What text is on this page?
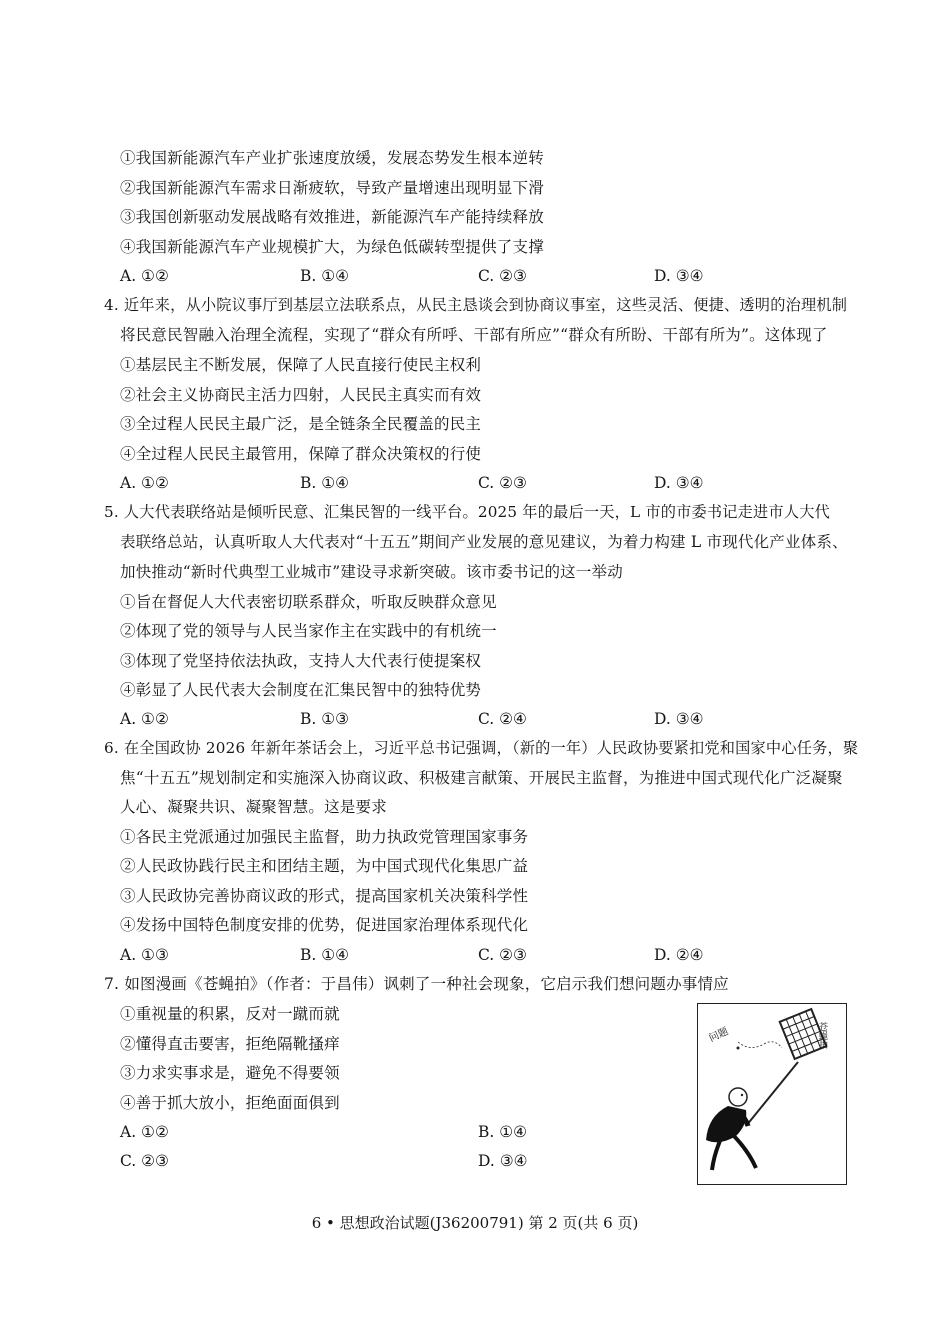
①我国新能源汽车产业扩张速度放缓，发展态势发生根本逆转
②我国新能源汽车需求日渐疲软，导致产量增速出现明显下滑
③我国创新驱动发展战略有效推进，新能源汽车产能持续释放
④我国新能源汽车产业规模扩大，为绿色低碳转型提供了支撑
A. ①②	B. ①④	C. ②③	D. ③④
4. 近年来，从小院议事厅到基层立法联系点，从民主恳谈会到协商议事室，这些灵活、便捷、透明的治理机制
将民意民智融入治理全流程，实现了“群众有所呼、干部有所应”“群众有所盼、干部有所为”。这体现了
①基层民主不断发展，保障了人民直接行使民主权利
②社会主义协商民主活力四射，人民民主真实而有效
③全过程人民民主最广泛，是全链条全民覆盖的民主
④全过程人民民主最管用，保障了群众决策权的行使
A. ①②	B. ①④	C. ②③	D. ③④
5. 人大代表联络站是倾听民意、汇集民智的一线平台。2025 年的最后一天，L 市的市委书记走进市人大代
表联络总站，认真听取人大代表对“十五五”期间产业发展的意见建议，为着力构建 L 市现代化产业体系、
加快推动“新时代典型工业城市”建设寻求新突破。该市委书记的这一举动
①旨在督促人大代表密切联系群众，听取反映群众意见
②体现了党的领导与人民当家作主在实践中的有机统一
③体现了党坚持依法执政，支持人大代表行使提案权
④彰显了人民代表大会制度在汇集民智中的独特优势
A. ①②	B. ①③	C. ②④	D. ③④
6. 在全国政协 2026 年新年茶话会上，习近平总书记强调，（新的一年）人民政协要紧扣党和国家中心任务，聚
焦“十五五”规划制定和实施深入协商议政、积极建言献策、开展民主监督，为推进中国式现代化广泛凝聚
人心、凝聚共识、凝聚智慧。这是要求
①各民主党派通过加强民主监督，助力执政党管理国家事务
②人民政协践行民主和团结主题，为中国式现代化集思广益
③人民政协完善协商议政的形式，提高国家机关决策科学性
④发扬中国特色制度安排的优势，促进国家治理体系现代化
A. ①③	B. ①④	C. ②③	D. ②④
7. 如图漫画《苍蝇拍》（作者：于昌伟）讽刺了一种社会现象，它启示我们想问题办事情应
①重视量的积累，反对一蹴而就
②懂得直击要害，拒绝隔靴搔痒
③力求实事求是，避免不得要领
④善于抓大放小，拒绝面面俱到
A. ①②	B. ①④
C. ②③	D. ③④
问题	苍蝇拍
6 • 思想政治试题(J36200791) 第 2 页(共 6 页)
